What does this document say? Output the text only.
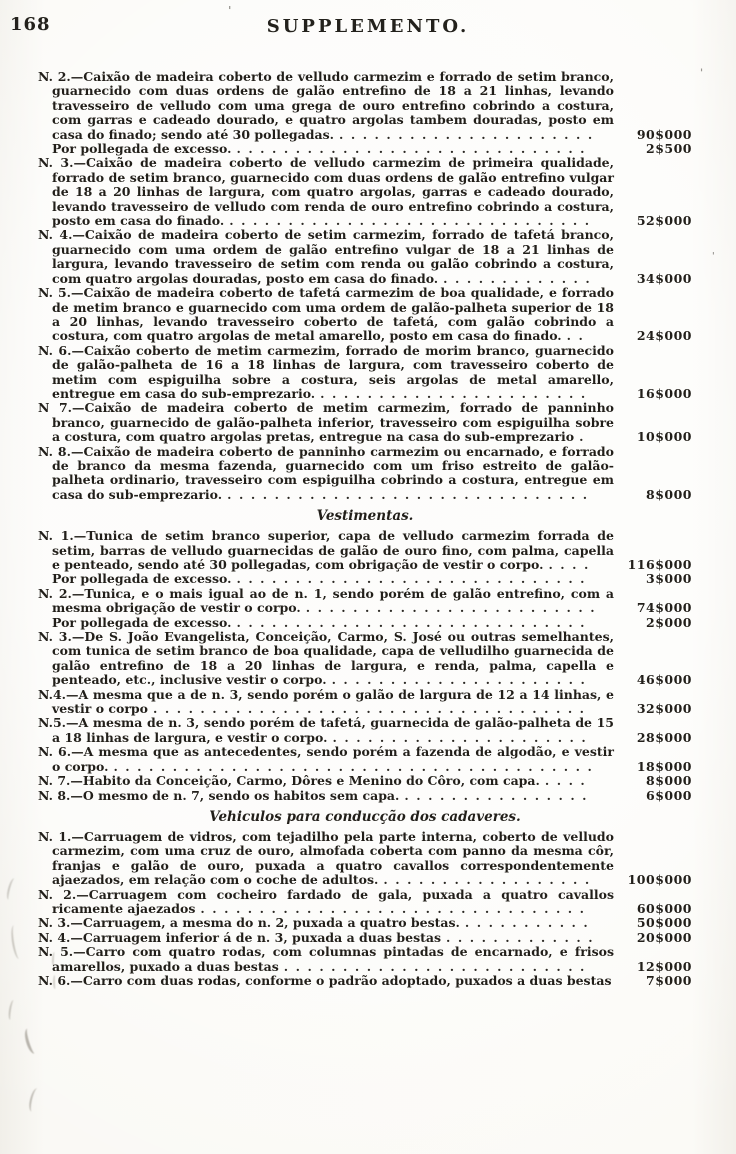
168	SUPPLEMENTO.
N. 2.—Caixão de madeira coberto de velludo carmezim e forrado de setim branco, guarnecido com duas ordens de galão entrefino de 18 a 21 linhas, levando travesseiro de velludo com uma grega de ouro entrefino cobrindo a costura, com garras e cadeado dourado, e quatro argolas tambem douradas, posto em casa do finado; sendo até 30 pollegadas. ......................	90$000
Por pollegada de excesso. ..............................	2$500
N. 3.—Caixão de madeira coberto de velludo carmezim de primeira qualidade, forrado de setim branco, guarnecido com duas ordens de galão entrefino vulgar de 18 a 20 linhas de largura, com quatro argolas, garras e cadeado dourado, levando travesseiro de velludo com renda de ouro entrefino cobrindo a costura, posto em casa do finado. ...............................	52$000
N. 4.—Caixão de madeira coberto de setim carmezim, forrado de tafetá branco, guarnecido com uma ordem de galão entrefino vulgar de 18 a 21 linhas de largura, levando travesseiro de setim com renda ou galão cobrindo a costura, com quatro argolas douradas, posto em casa do finado. .............	34$000
N. 5.—Caixão de madeira coberto de tafetá carmezim de boa qualidade, e forrado de metim branco e guarnecido com uma ordem de galão-palheta superior de 18 a 20 linhas, levando travesseiro coberto de tafetá, com galão cobrindo a costura, com quatro argolas de metal amarello, posto em casa do finado. ..	24$000
N. 6.—Caixão coberto de metim carmezim, forrado de morim branco, guarnecido de galão-palheta de 16 a 18 linhas de largura, com travesseiro coberto de metim com espiguilha sobre a costura, seis argolas de metal amarello, entregue em casa do sub-emprezario. .......................	16$000
N 7.—Caixão de madeira coberto de metim carmezim, forrado de panninho branco, guarnecido de galão-palheta inferior, travesseiro com espiguilha sobre a costura, com quatro argolas pretas, entregue na casa do sub-emprezario .	10$000
N. 8.—Caixão de madeira coberto de panninho carmezim ou encarnado, e forrado de branco da mesma fazenda, guarnecido com um friso estreito de galão-palheta ordinario, travesseiro com espiguilha cobrindo a costura, entregue em casa do sub-emprezario. ...............................	8$000
Vestimentas.
N. 1.—Tunica de setim branco superior, capa de velludo carmezim forrada de setim, barras de velludo guarnecidas de galão de ouro fino, com palma, capella e penteado, sendo até 30 pollegadas, com obrigação de vestir o corpo. ....	116$000
Por pollegada de excesso. ..............................	3$000
N. 2.—Tunica, e o mais igual ao de n. 1, sendo porém de galão entrefino, com a mesma obrigação de vestir o corpo. .........................	74$000
Por pollegada de excesso. ..............................	2$000
N. 3.—De S. João Evangelista, Conceição, Carmo, S. José ou outras semelhantes, com tunica de setim branco de boa qualidade, capa de velludilho guarnecida de galão entrefino de 18 a 20 linhas de largura, e renda, palma, capella e penteado, etc., inclusive vestir o corpo. ......................	46$000
N.4.—A mesma que a de n. 3, sendo porém o galão de largura de 12 a 14 linhas, e vestir o corpo .....................................	32$000
N.5.—A mesma de n. 3, sendo porém de tafetá, guarnecida de galão-palheta de 15 a 18 linhas de largura, e vestir o corpo. ......................	28$000
N. 6.—A mesma que as antecedentes, sendo porém a fazenda de algodão, e vestir o corpo. .........................................	18$000
N. 7.—Habito da Conceição, Carmo, Dôres e Menino do Côro, com capa. ....	8$000
N. 8.—O mesmo de n. 7, sendo os habitos sem capa. ................	6$000
Vehiculos para conducção dos cadaveres.
N. 1.—Carruagem de vidros, com tejadilho pela parte interna, coberto de velludo carmezim, com uma cruz de ouro, almofada coberta com panno da mesma côr, franjas e galão de ouro, puxada a quatro cavallos correspondentemente ajaezados, em relação com o coche de adultos. .................. 100$000
N. 2.—Carruagem com cocheiro fardado de gala, puxada a quatro cavallos ricamente ajaezados .................................	60$000
N. 3.—Carruagem, a mesma do n. 2, puxada a quatro bestas. ...........	50$000
N. 4.—Carruagem inferior á de n. 3, puxada a duas bestas .............	20$000
N. 5.—Carro com quatro rodas, com columnas pintadas de encarnado, e frisos amarellos, puxado a duas bestas ..........................	12$000
N. 6.—Carro com duas rodas, conforme o padrão adoptado, puxados a duas bestas	7$000
'
'
'
